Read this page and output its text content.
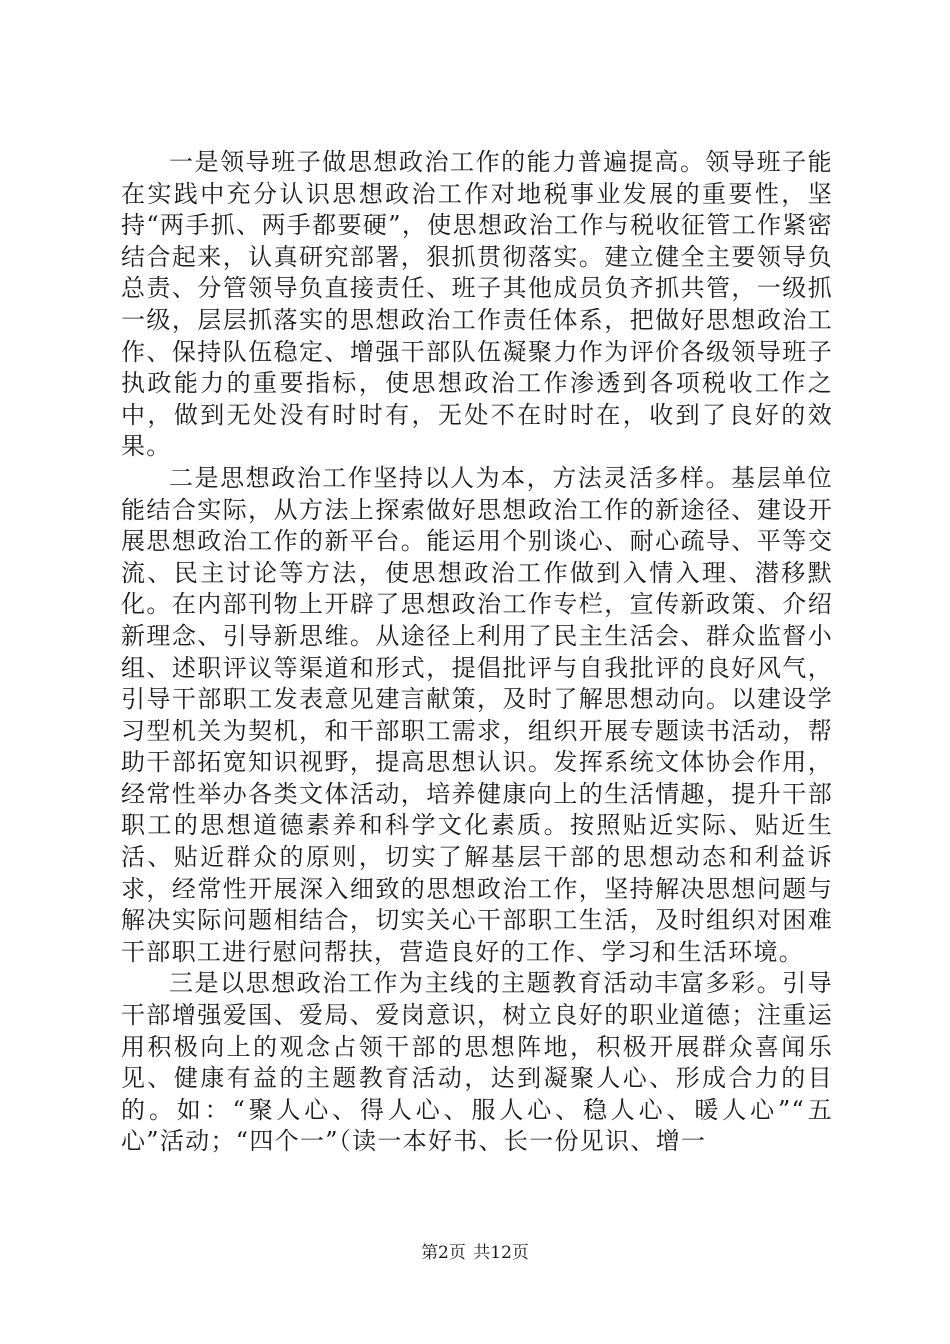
一是领导班子做思想政治工作的能力普遍提高。领导班子能在实践中充分认识思想政治工作对地税事业发展的重要性，坚持“两手抓、两手都要硬”，使思想政治工作与税收征管工作紧密结合起来，认真研究部署，狠抓贯彻落实。建立健全主要领导负总责、分管领导负直接责任、班子其他成员负齐抓共管，一级抓一级，层层抓落实的思想政治工作责任体系，把做好思想政治工作、保持队伍稳定、增强干部队伍凝聚力作为评价各级领导班子执政能力的重要指标，使思想政治工作渗透到各项税收工作之中，做到无处没有时时有，无处不在时时在，收到了良好的效果。

二是思想政治工作坚持以人为本，方法灵活多样。基层单位能结合实际，从方法上探索做好思想政治工作的新途径、建设开展思想政治工作的新平台。能运用个别谈心、耐心疏导、平等交流、民主讨论等方法，使思想政治工作做到入情入理、潜移默化。在内部刊物上开辟了思想政治工作专栏，宣传新政策、介绍新理念、引导新思维。从途径上利用了民主生活会、群众监督小组、述职评议等渠道和形式，提倡批评与自我批评的良好风气，引导干部职工发表意见建言献策，及时了解思想动向。以建设学习型机关为契机，和干部职工需求，组织开展专题读书活动，帮助干部拓宽知识视野，提高思想认识。发挥系统文体协会作用，经常性举办各类文体活动，培养健康向上的生活情趣，提升干部职工的思想道德素养和科学文化素质。按照贴近实际、贴近生活、贴近群众的原则，切实了解基层干部的思想动态和利益诉求，经常性开展深入细致的思想政治工作，坚持解决思想问题与解决实际问题相结合，切实关心干部职工生活，及时组织对困难干部职工进行慰问帮扶，营造良好的工作、学习和生活环境。

三是以思想政治工作为主线的主题教育活动丰富多彩。引导干部增强爱国、爱局、爱岗意识，树立良好的职业道德；注重运用积极向上的观念占领干部的思想阵地，积极开展群众喜闻乐见、健康有益的主题教育活动，达到凝聚人心、形成合力的目的。如：“聚人心、得人心、服人心、稳人心、暖人心”“五心”活动；“四个一”（读一本好书、长一份见识、增一

第2页 共12页
